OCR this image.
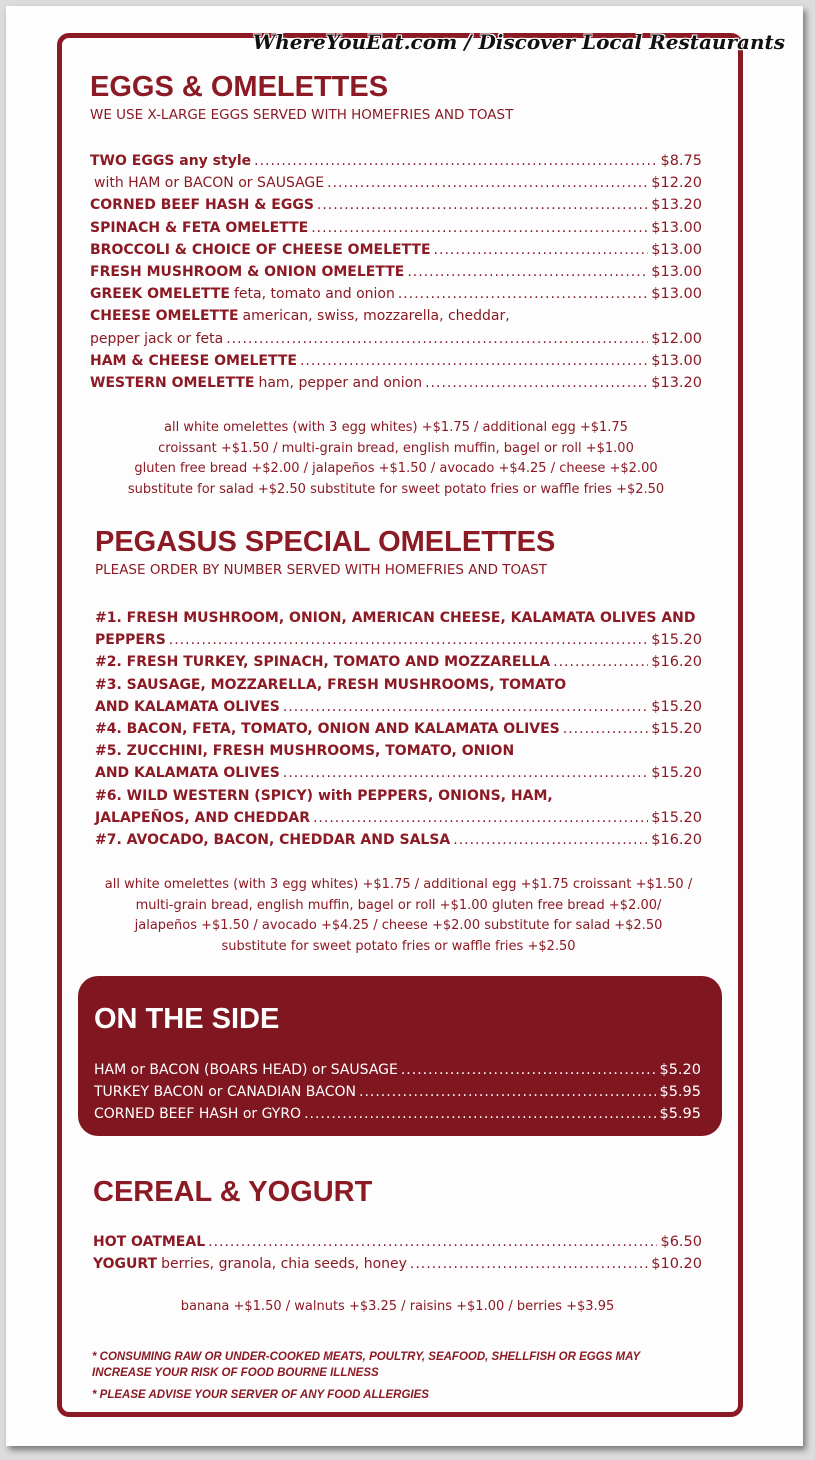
WhereYouEat.com / Discover Local Restaurants
EGGS & OMELETTES
WE USE X-LARGE EGGS SERVED WITH HOMEFRIES AND TOAST
TWO EGGS any style .....	$8.75
with HAM or BACON or SAUSAGE .....	$12.20
CORNED BEEF HASH & EGGS .....	$13.20
SPINACH & FETA OMELETTE .....	$13.00
BROCCOLI & CHOICE OF CHEESE OMELETTE .....	$13.00
FRESH MUSHROOM & ONION OMELETTE .....	$13.00
GREEK OMELETTE feta, tomato and onion .....	$13.00
CHEESE OMELETTE american, swiss, mozzarella, cheddar,
pepper jack or feta .....	$12.00
HAM & CHEESE OMELETTE .....	$13.00
WESTERN OMELETTE ham, pepper and onion .....	$13.20
all white omelettes (with 3 egg whites) +$1.75 / additional egg +$1.75
croissant +$1.50 / multi-grain bread, english muffin, bagel or roll +$1.00
gluten free bread +$2.00 / jalapeños +$1.50 / avocado +$4.25 / cheese +$2.00
substitute for salad +$2.50 substitute for sweet potato fries or waffle fries +$2.50
PEGASUS SPECIAL OMELETTES
PLEASE ORDER BY NUMBER SERVED WITH HOMEFRIES AND TOAST
#1. FRESH MUSHROOM, ONION, AMERICAN CHEESE, KALAMATA OLIVES AND
PEPPERS .....	$15.20
#2. FRESH TURKEY, SPINACH, TOMATO AND MOZZARELLA .....	$16.20
#3. SAUSAGE, MOZZARELLA, FRESH MUSHROOMS, TOMATO
AND KALAMATA OLIVES .....	$15.20
#4. BACON, FETA, TOMATO, ONION AND KALAMATA OLIVES .....	$15.20
#5. ZUCCHINI, FRESH MUSHROOMS, TOMATO, ONION
AND KALAMATA OLIVES .....	$15.20
#6. WILD WESTERN (SPICY) with PEPPERS, ONIONS, HAM,
JALAPEÑOS, AND CHEDDAR .....	$15.20
#7. AVOCADO, BACON, CHEDDAR AND SALSA .....	$16.20
all white omelettes (with 3 egg whites) +$1.75 / additional egg +$1.75 croissant +$1.50 /
multi-grain bread, english muffin, bagel or roll +$1.00 gluten free bread +$2.00/
jalapeños +$1.50 / avocado +$4.25 / cheese +$2.00 substitute for salad +$2.50
substitute for sweet potato fries or waffle fries +$2.50
ON THE SIDE
HAM or BACON (BOARS HEAD) or SAUSAGE .....	$5.20
TURKEY BACON or CANADIAN BACON .....	$5.95
CORNED BEEF HASH or GYRO .....	$5.95
CEREAL & YOGURT
HOT OATMEAL .....	$6.50
YOGURT berries, granola, chia seeds, honey .....	$10.20
banana +$1.50 / walnuts +$3.25 / raisins +$1.00 / berries +$3.95
* CONSUMING RAW OR UNDER-COOKED MEATS, POULTRY, SEAFOOD, SHELLFISH OR EGGS MAY
INCREASE YOUR RISK OF FOOD BOURNE ILLNESS
* PLEASE ADVISE YOUR SERVER OF ANY FOOD ALLERGIES
